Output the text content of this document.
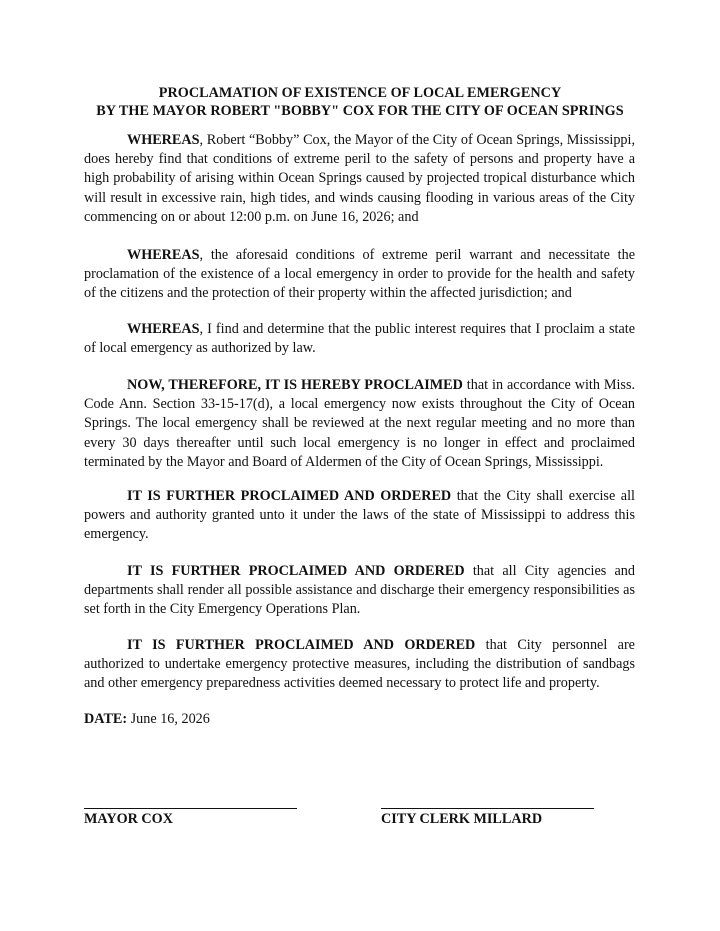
PROCLAMATION OF EXISTENCE OF LOCAL EMERGENCY
BY THE MAYOR ROBERT "BOBBY" COX FOR THE CITY OF OCEAN SPRINGS

WHEREAS, Robert “Bobby” Cox, the Mayor of the City of Ocean Springs, Mississippi, does hereby find that conditions of extreme peril to the safety of persons and property have a high probability of arising within Ocean Springs caused by projected tropical disturbance which will result in excessive rain, high tides, and winds causing flooding in various areas of the City commencing on or about 12:00 p.m. on June 16, 2026; and

WHEREAS, the aforesaid conditions of extreme peril warrant and necessitate the proclamation of the existence of a local emergency in order to provide for the health and safety of the citizens and the protection of their property within the affected jurisdiction; and

WHEREAS, I find and determine that the public interest requires that I proclaim a state of local emergency as authorized by law.

NOW, THEREFORE, IT IS HEREBY PROCLAIMED that in accordance with Miss. Code Ann. Section 33-15-17(d), a local emergency now exists throughout the City of Ocean Springs. The local emergency shall be reviewed at the next regular meeting and no more than every 30 days thereafter until such local emergency is no longer in effect and proclaimed terminated by the Mayor and Board of Aldermen of the City of Ocean Springs, Mississippi.

IT IS FURTHER PROCLAIMED AND ORDERED that the City shall exercise all powers and authority granted unto it under the laws of the state of Mississippi to address this emergency.

IT IS FURTHER PROCLAIMED AND ORDERED that all City agencies and departments shall render all possible assistance and discharge their emergency responsibilities as set forth in the City Emergency Operations Plan.

IT IS FURTHER PROCLAIMED AND ORDERED that City personnel are authorized to undertake emergency protective measures, including the distribution of sandbags and other emergency preparedness activities deemed necessary to protect life and property.

DATE: June 16, 2026
MAYOR COX	CITY CLERK MILLARD
